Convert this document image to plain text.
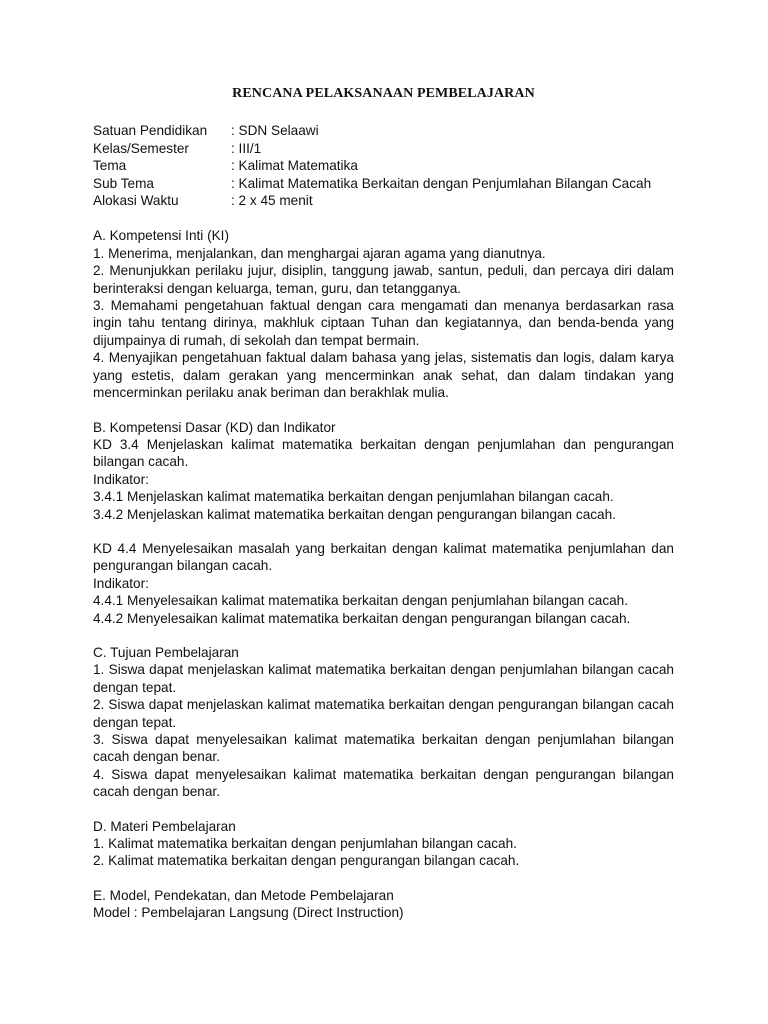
RENCANA PELAKSANAAN PEMBELAJARAN
Satuan Pendidikan	: SDN Selaawi
Kelas/Semester	: III/1
Tema	: Kalimat Matematika
Sub Tema	: Kalimat Matematika Berkaitan dengan Penjumlahan Bilangan Cacah
Alokasi Waktu	: 2 x 45 menit

A. Kompetensi Inti (KI)

1. Menerima, menjalankan, dan menghargai ajaran agama yang dianutnya.

2. Menunjukkan perilaku jujur, disiplin, tanggung jawab, santun, peduli, dan percaya diri dalam berinteraksi dengan keluarga, teman, guru, dan tetangganya.

3. Memahami pengetahuan faktual dengan cara mengamati dan menanya berdasarkan rasa ingin tahu tentang dirinya, makhluk ciptaan Tuhan dan kegiatannya, dan benda-benda yang dijumpainya di rumah, di sekolah dan tempat bermain.

4. Menyajikan pengetahuan faktual dalam bahasa yang jelas, sistematis dan logis, dalam karya yang estetis, dalam gerakan yang mencerminkan anak sehat, dan dalam tindakan yang mencerminkan perilaku anak beriman dan berakhlak mulia.

B. Kompetensi Dasar (KD) dan Indikator

KD 3.4 Menjelaskan kalimat matematika berkaitan dengan penjumlahan dan pengurangan bilangan cacah.

Indikator:

3.4.1 Menjelaskan kalimat matematika berkaitan dengan penjumlahan bilangan cacah.

3.4.2 Menjelaskan kalimat matematika berkaitan dengan pengurangan bilangan cacah.

KD 4.4 Menyelesaikan masalah yang berkaitan dengan kalimat matematika penjumlahan dan pengurangan bilangan cacah.

Indikator:

4.4.1 Menyelesaikan kalimat matematika berkaitan dengan penjumlahan bilangan cacah.

4.4.2 Menyelesaikan kalimat matematika berkaitan dengan pengurangan bilangan cacah.

C. Tujuan Pembelajaran

1. Siswa dapat menjelaskan kalimat matematika berkaitan dengan penjumlahan bilangan cacah dengan tepat.

2. Siswa dapat menjelaskan kalimat matematika berkaitan dengan pengurangan bilangan cacah dengan tepat.

3. Siswa dapat menyelesaikan kalimat matematika berkaitan dengan penjumlahan bilangan cacah dengan benar.

4. Siswa dapat menyelesaikan kalimat matematika berkaitan dengan pengurangan bilangan cacah dengan benar.

D. Materi Pembelajaran

1. Kalimat matematika berkaitan dengan penjumlahan bilangan cacah.

2. Kalimat matematika berkaitan dengan pengurangan bilangan cacah.

E. Model, Pendekatan, dan Metode Pembelajaran

Model : Pembelajaran Langsung (Direct Instruction)
